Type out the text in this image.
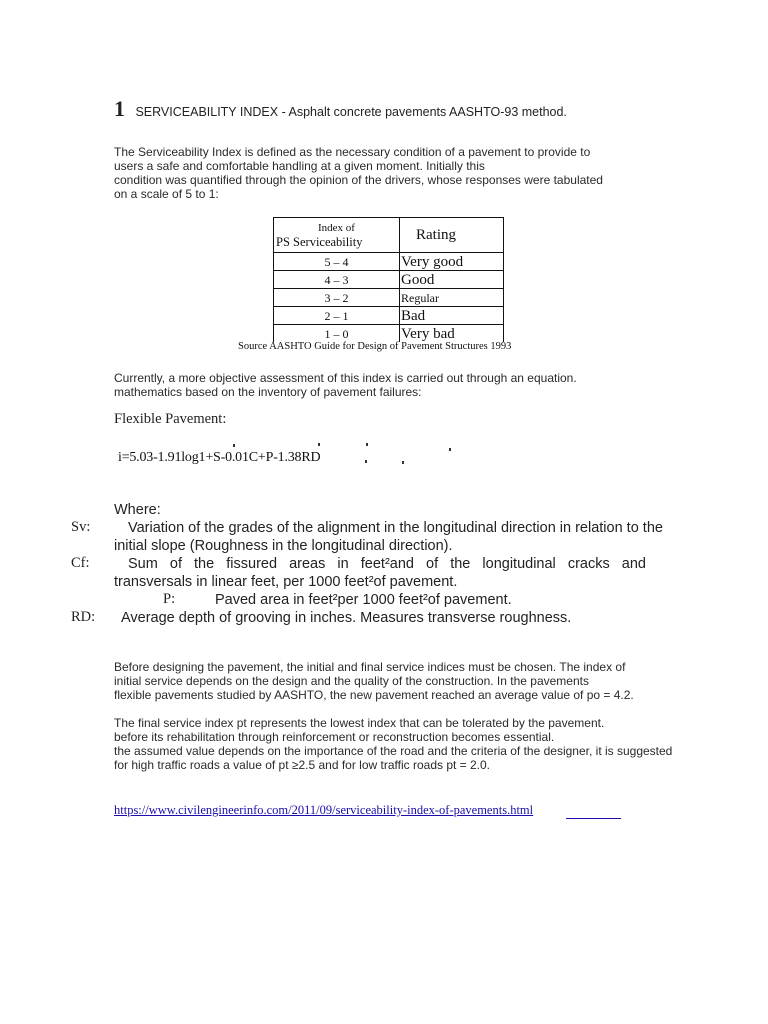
1 SERVICEABILITY INDEX - Asphalt concrete pavements AASHTO-93 method.
The Serviceability Index is defined as the necessary condition of a pavement to provide to
users a safe and comfortable handling at a given moment. Initially this
condition was quantified through the opinion of the drivers, whose responses were tabulated
on a scale of 5 to 1:
Index of
PS Serviceability	Rating
5 – 4	Very good
4 – 3	Good
3 – 2	Regular
2 – 1	Bad
1 – 0	Very bad
Source AASHTO Guide for Design of Pavement Structures 1993
Currently, a more objective assessment of this index is carried out through an equation.
mathematics based on the inventory of pavement failures:
Flexible Pavement:
i=5.03-1.91log1+S-0.01C+P-1.38RD
Where:
Sv:	Variation of the grades of the alignment in the longitudinal direction in relation to the
initial slope (Roughness in the longitudinal direction).
Cf:	Sum of the fissured areas in feet²and of the longitudinal cracks and
transversals in linear feet, per 1000 feet²of pavement.
P:	Paved area in feet²per 1000 feet²of pavement.
RD: Average depth of grooving in inches. Measures transverse roughness.
Before designing the pavement, the initial and final service indices must be chosen. The index of
initial service depends on the design and the quality of the construction. In the pavements
flexible pavements studied by AASHTO, the new pavement reached an average value of po = 4.2.
The final service index pt represents the lowest index that can be tolerated by the pavement.
before its rehabilitation through reinforcement or reconstruction becomes essential.
the assumed value depends on the importance of the road and the criteria of the designer, it is suggested
for high traffic roads a value of pt ≥2.5 and for low traffic roads pt = 2.0.
https://www.civilengineerinfo.com/2011/09/serviceability-index-of-pavements.html
